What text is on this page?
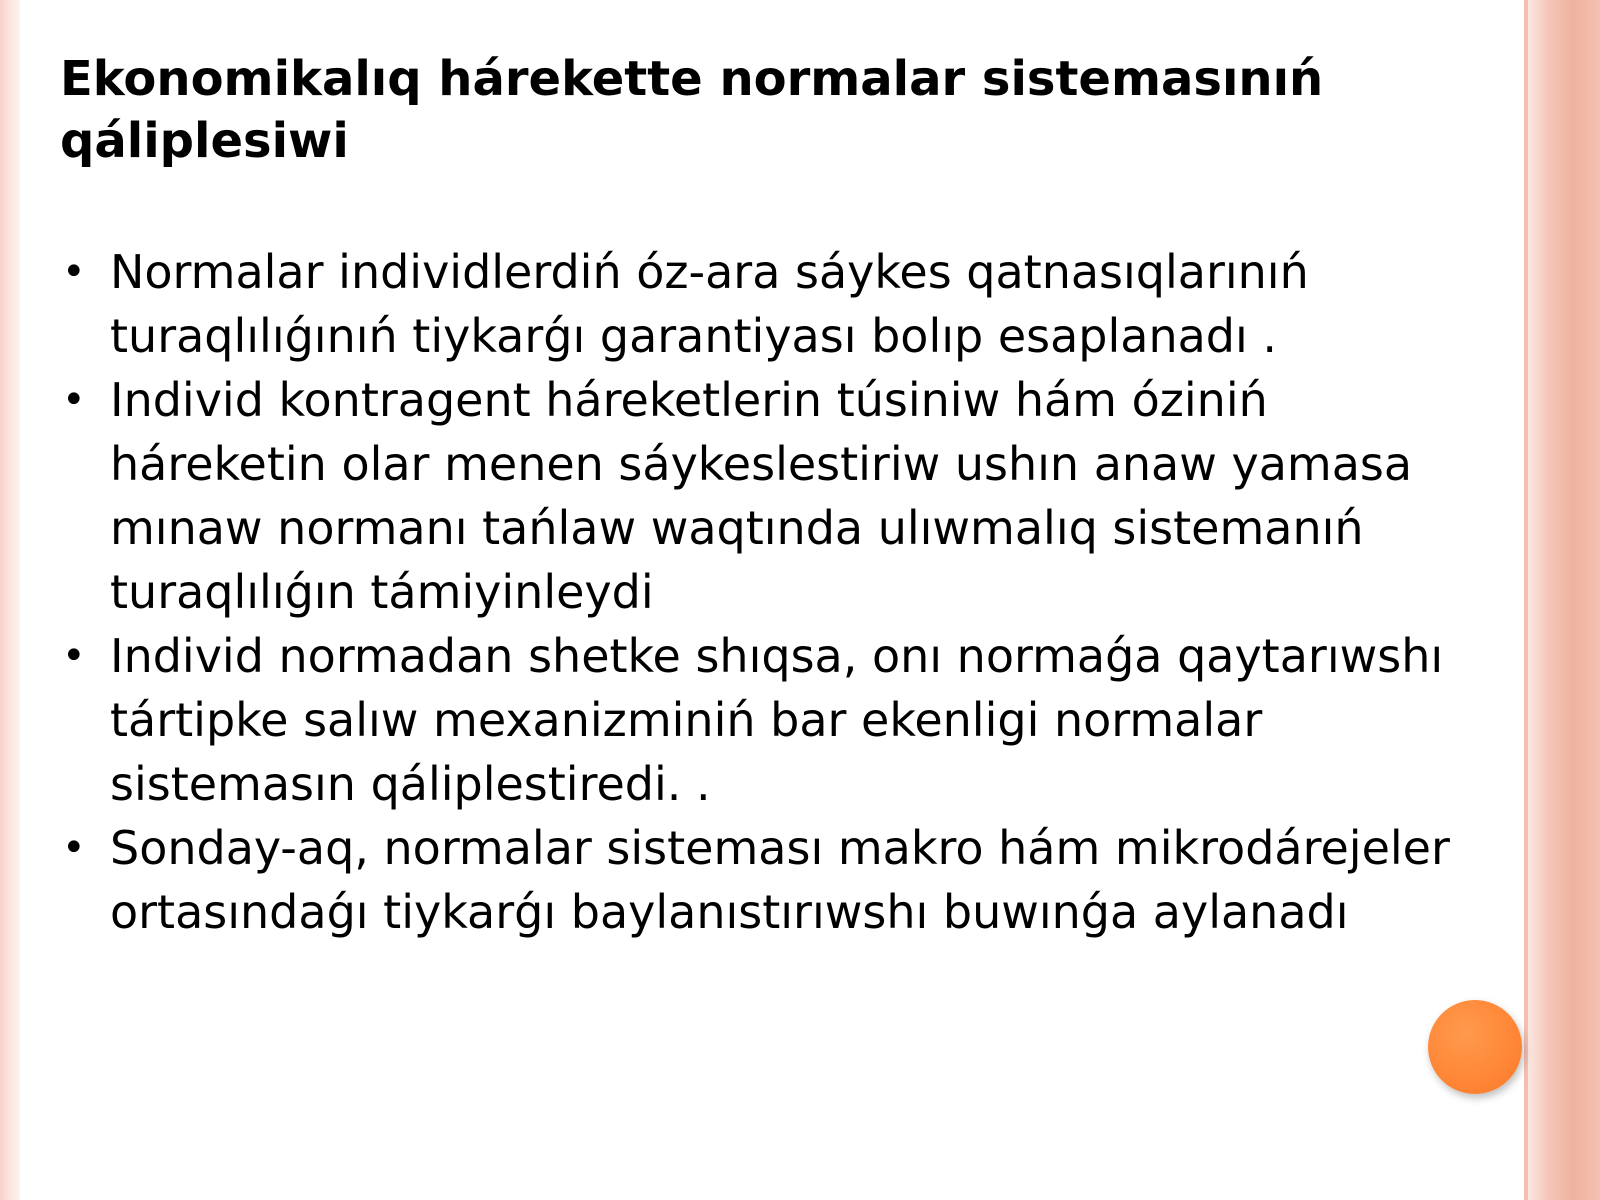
Ekonomikalıq hárekette normalar sistemasınıń qáliplesiwi
• Normalar individlerdiń óz-ara sáykes qatnasıqlarınıń turaqlılıǵınıń tiykarǵı garantiyası bolıp esaplanadı .
• Individ kontragent háreketlerin túsiniw hám óziniń háreketin olar menen sáykeslestiriw ushın anaw yamasa mınaw normanı tańlaw waqtında ulıwmalıq sistemanıń turaqlılıǵın támiyinleydi
• Individ normadan shetke shıqsa, onı normaǵa qaytarıwshı tártipke salıw mexanizminiń bar ekenligi normalar sistemasın qáliplestiredi. .
• Sonday-aq, normalar sisteması makro hám mikrodárejeler ortasındaǵı tiykarǵı baylanıstırıwshı buwınǵa aylanadı
